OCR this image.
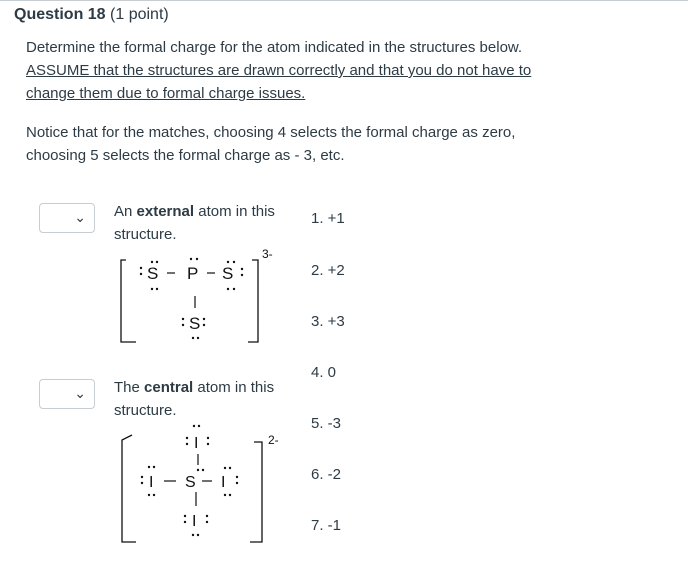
Question 18 (1 point)
Determine the formal charge for the atom indicated in the structures below.
ASSUME that the structures are drawn correctly and that you do not have to
change them due to formal charge issues.
Notice that for the matches, choosing 4 selects the formal charge as zero,
choosing 5 selects the formal charge as - 3, etc.
⌄ An external atom in this
structure.
3-
S P S
S
⌄ The central atom in this
structure.
2-
I
I S I
I
1. +1
2. +2
3. +3
4. 0
5. -3
6. -2
7. -1
